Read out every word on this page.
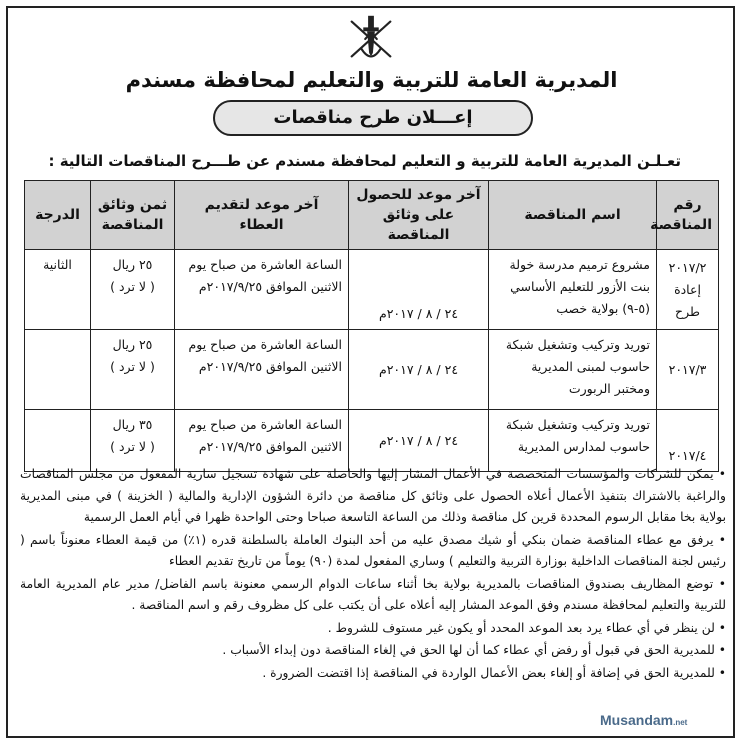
المديرية العامة للتربية والتعليم لمحافظة مسندم
إعـــلان طرح مناقصات
تعـلـن المديرية العامة للتربية و التعليم لمحافظة مسندم عن طـــرح المناقصات التالية :
رقم المناقصة	اسم المناقصة	آخر موعد للحصول على وثائق المناقصة	آخر موعد لتقديم العطاء	ثمن وثائق المناقصة	الدرجة
٢٠١٧/٢ إعادة طرح	مشروع ترميم مدرسة خولة بنت الأزور للتعليم الأساسي (٥-٩) بولاية خصب	٢٤ / ٨ / ٢٠١٧م	الساعة العاشرة من صباح يوم الاثنين الموافق ٢٠١٧/٩/٢٥م	٢٥ ريال
( لا ترد )	الثانية
٢٠١٧/٣	توريد وتركيب وتشغيل شبكة حاسوب لمبنى المديرية ومختبر الربورت	٢٤ / ٨ / ٢٠١٧م	الساعة العاشرة من صباح يوم الاثنين الموافق ٢٠١٧/٩/٢٥م	٢٥ ريال
( لا ترد )	

٢٠١٧/٤	توريد وتركيب وتشغيل شبكة حاسوب لمدارس المديرية	٢٤ / ٨ / ٢٠١٧م	الساعة العاشرة من صباح يوم الاثنين الموافق ٢٠١٧/٩/٢٥م	٣٥ ريال
( لا ترد )	

• يمكن للشركات والمؤسسات المتخصصة في الأعمال المشار إليها والحاصلة على شهادة تسجيل سارية المفعول من مجلس المناقصات والراغبة بالاشتراك بتنفيذ الأعمال أعلاه الحصول على وثائق كل مناقصة من دائرة الشؤون الإدارية والمالية ( الخزينة ) في مبنى المديرية بولاية بخا مقابل الرسوم المحددة قرين كل مناقصة وذلك من الساعة التاسعة صباحا وحتى الواحدة ظهرا في أيام العمل الرسمية

• يرفق مع عطاء المناقصة ضمان بنكي أو شيك مصدق عليه من أحد البنوك العاملة بالسلطنة قدره (١٪) من قيمة العطاء معنوناً باسم ( رئيس لجنة المناقصات الداخلية بوزارة التربية والتعليم ) وساري المفعول لمدة (٩٠) يوماً من تاريخ تقديم العطاء

• توضع المظاريف بصندوق المناقصات بالمديرية بولاية بخا أثناء ساعات الدوام الرسمي معنونة باسم الفاضل/ مدير عام المديرية العامة للتربية والتعليم لمحافظة مسندم وفق الموعد المشار إليه أعلاه على أن يكتب على كل مظروف رقم و اسم المناقصة .

• لن ينظر في أي عطاء يرد بعد الموعد المحدد أو يكون غير مستوف للشروط .

• للمديرية الحق في قبول أو رفض أي عطاء كما أن لها الحق في إلغاء المناقصة دون إبداء الأسباب .

• للمديرية الحق في إضافة أو إلغاء بعض الأعمال الواردة في المناقصة إذا اقتضت الضرورة .

Musandam.net
